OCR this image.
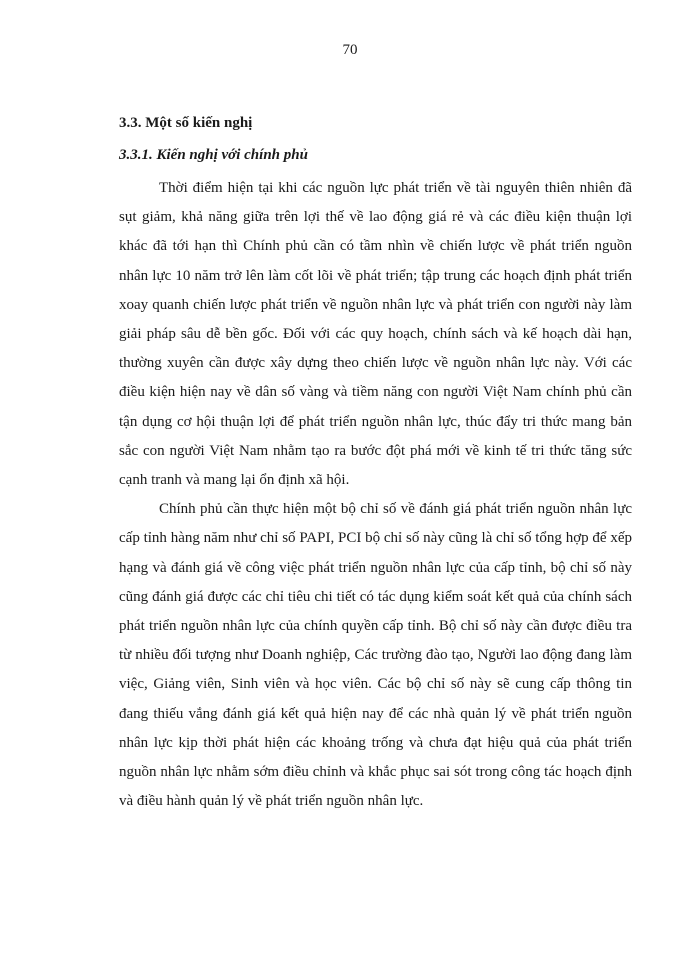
70
3.3. Một số kiến nghị
3.3.1. Kiến nghị với chính phủ

Thời điểm hiện tại khi các nguồn lực phát triển về tài nguyên thiên nhiên đã sụt giảm, khả năng giữa trên lợi thế về lao động giá rẻ và các điều kiện thuận lợi khác đã tới hạn thì Chính phủ cần có tầm nhìn về chiến lược về phát triển nguồn nhân lực 10 năm trở lên làm cốt lõi về phát triển; tập trung các hoạch định phát triển xoay quanh chiến lược phát triển về nguồn nhân lực và phát triển con người này làm giải pháp sâu dễ bền gốc. Đối với các quy hoạch, chính sách và kế hoạch dài hạn, thường xuyên cần được xây dựng theo chiến lược về nguồn nhân lực này. Với các điều kiện hiện nay về dân số vàng và tiềm năng con người Việt Nam chính phủ cần tận dụng cơ hội thuận lợi để phát triển nguồn nhân lực, thúc đẩy tri thức mang bản sắc con người Việt Nam nhằm tạo ra bước đột phá mới về kinh tế tri thức tăng sức cạnh tranh và mang lại ổn định xã hội.

Chính phủ cần thực hiện một bộ chỉ số về đánh giá phát triển nguồn nhân lực cấp tỉnh hàng năm như chỉ số PAPI, PCI bộ chỉ số này cũng là chỉ số tổng hợp để xếp hạng và đánh giá về công việc phát triển nguồn nhân lực của cấp tỉnh, bộ chỉ số này cũng đánh giá được các chỉ tiêu chi tiết có tác dụng kiểm soát kết quả của chính sách phát triển nguồn nhân lực của chính quyền cấp tỉnh. Bộ chỉ số này cần được điều tra từ nhiều đối tượng như Doanh nghiệp, Các trường đào tạo, Người lao động đang làm việc, Giảng viên, Sinh viên và học viên. Các bộ chỉ số này sẽ cung cấp thông tin đang thiếu vắng đánh giá kết quả hiện nay để các nhà quản lý về phát triển nguồn nhân lực kịp thời phát hiện các khoảng trống và chưa đạt hiệu quả của phát triển nguồn nhân lực nhằm sớm điều chỉnh và khắc phục sai sót trong công tác hoạch định và điều hành quản lý về phát triển nguồn nhân lực.
